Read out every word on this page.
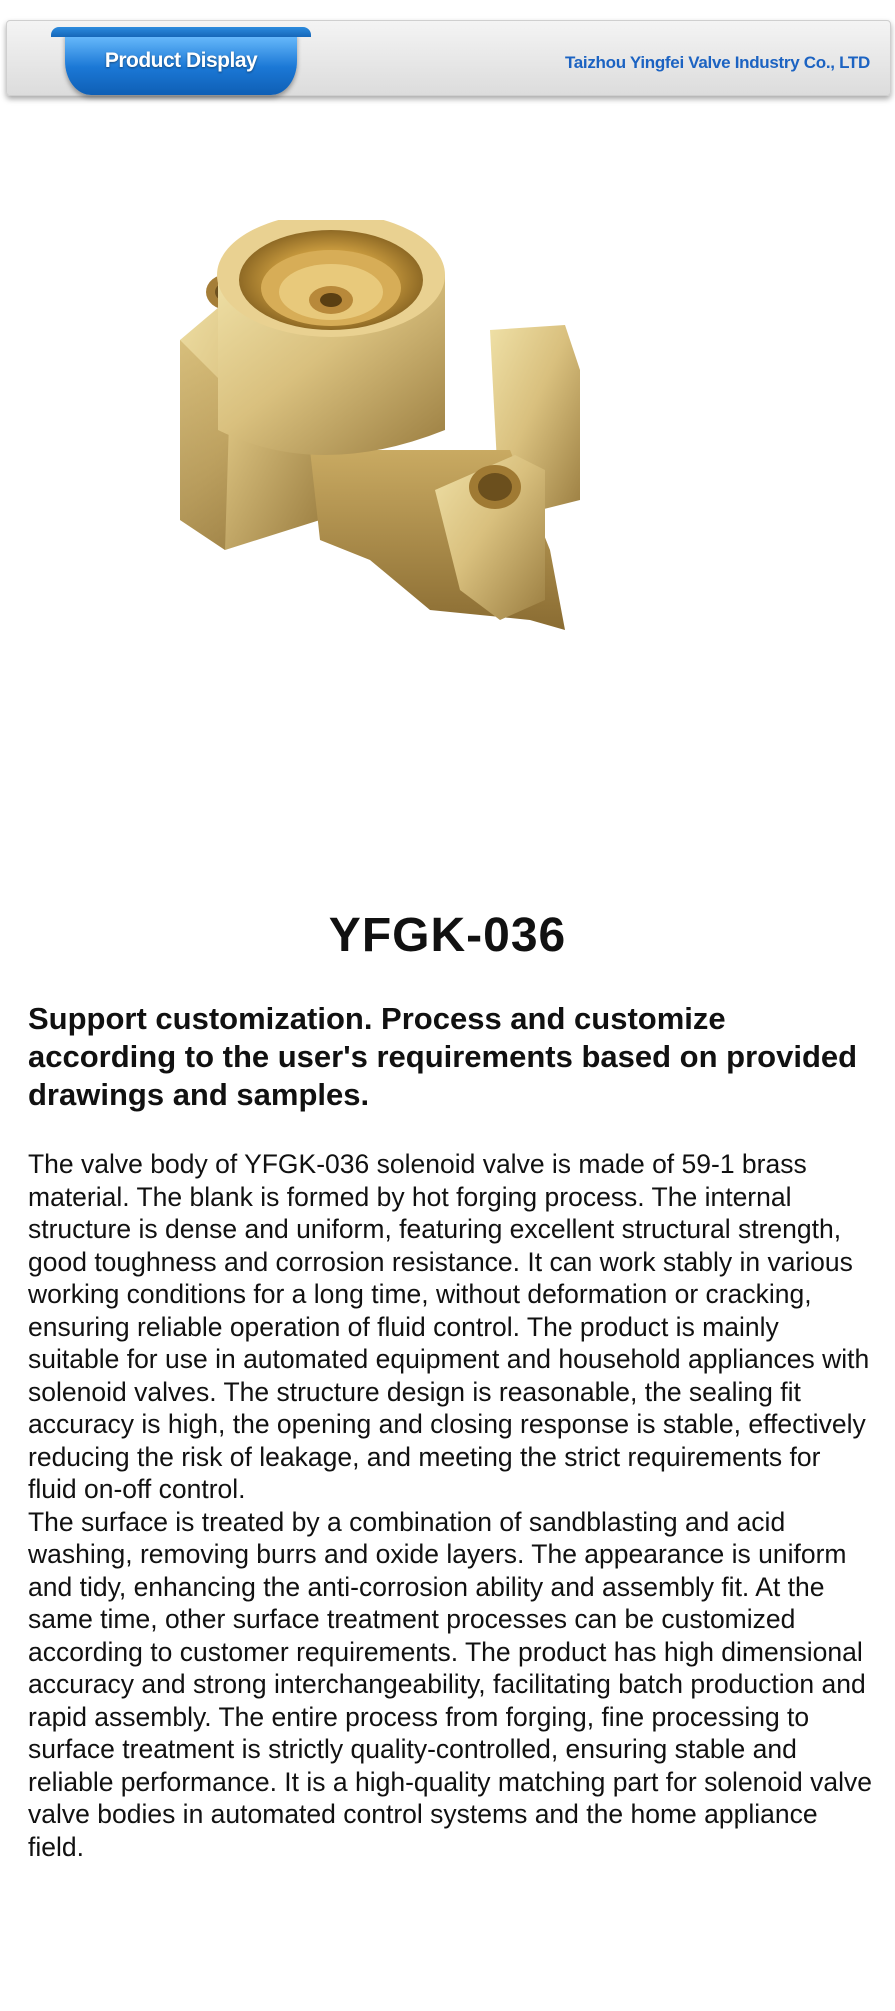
Product Display	Taizhou Yingfei Valve Industry Co., LTD
YFGK-036
Support customization. Process and customize according to the user's requirements based on provided drawings and samples.

The valve body of YFGK-036 solenoid valve is made of 59-1 brass material. The blank is formed by hot forging process. The internal structure is dense and uniform, featuring excellent structural strength, good toughness and corrosion resistance. It can work stably in various working conditions for a long time, without deformation or cracking, ensuring reliable operation of fluid control. The product is mainly suitable for use in automated equipment and household appliances with solenoid valves. The structure design is reasonable, the sealing fit accuracy is high, the opening and closing response is stable, effectively reducing the risk of leakage, and meeting the strict requirements for fluid on-off control.

The surface is treated by a combination of sandblasting and acid washing, removing burrs and oxide layers. The appearance is uniform and tidy, enhancing the anti-corrosion ability and assembly fit. At the same time, other surface treatment processes can be customized according to customer requirements. The product has high dimensional accuracy and strong interchangeability, facilitating batch production and rapid assembly. The entire process from forging, fine processing to surface treatment is strictly quality-controlled, ensuring stable and reliable performance. It is a high-quality matching part for solenoid valve valve bodies in automated control systems and the home appliance field.
